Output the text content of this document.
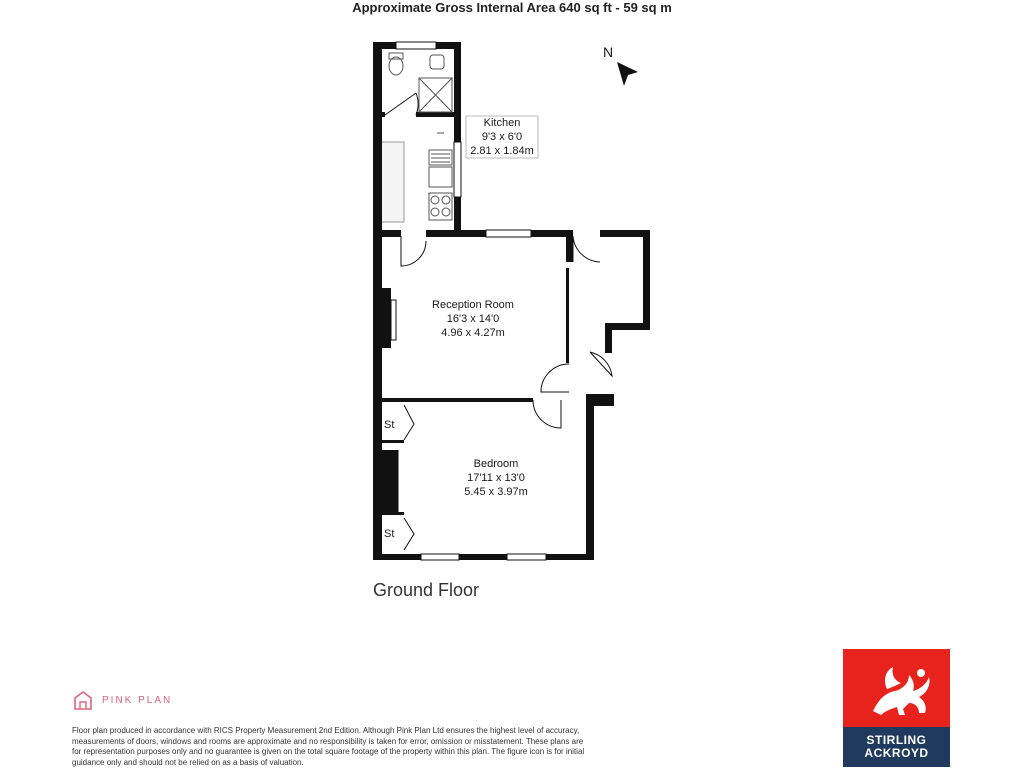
Approximate Gross Internal Area 640 sq ft - 59 sq m
N
Kitchen
9'3 x 6'0
2.81 x 1.84m
Reception Room
16'3 x 14'0
4.96 x 4.27m
Bedroom
17'11 x 13'0
5.45 x 3.97m
St
St
Ground Floor
PINK PLAN
Floor plan produced in accordance with RICS Property Measurement 2nd Edition. Although Pink Plan Ltd ensures the highest level of accuracy, measurements of doors, windows and rooms are approximate and no responsibility is taken for error, omission or misstatement. These plans are for representation purposes only and no guarantee is given on the total square footage of the property within this plan. The figure icon is for initial guidance only and should not be relied on as a basis of valuation.
STIRLING
ACKROYD
